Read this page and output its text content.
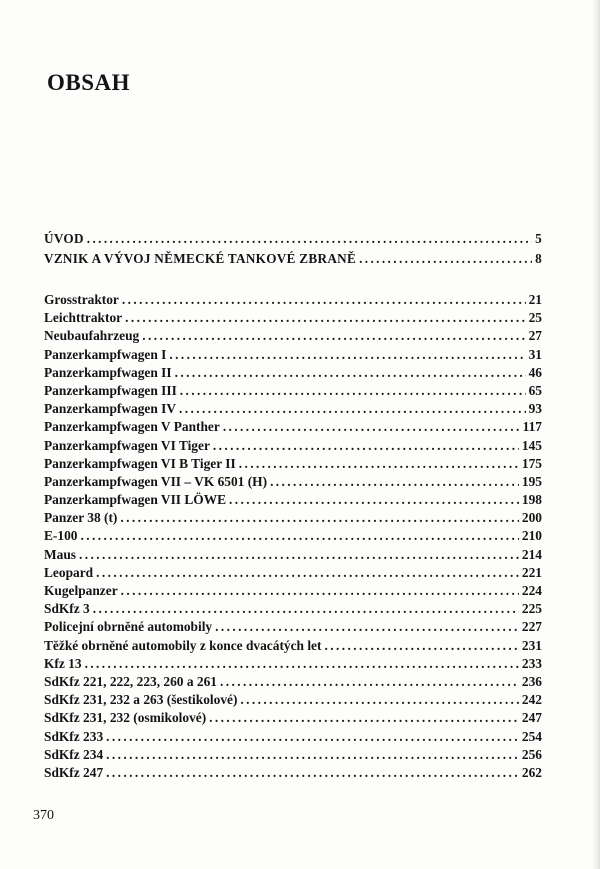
OBSAH
ÚVOD .....	5
VZNIK A VÝVOJ NĚMECKÉ TANKOVÉ ZBRANĚ .....	8
Grosstraktor .....	21
Leichttraktor .....	25
Neubaufahrzeug .....	27
Panzerkampfwagen I .....	31
Panzerkampfwagen II .....	46
Panzerkampfwagen III .....	65
Panzerkampfwagen IV .....	93
Panzerkampfwagen V Panther .....	117
Panzerkampfwagen VI Tiger .....	145
Panzerkampfwagen VI B Tiger II .....	175
Panzerkampfwagen VII – VK 6501 (H) .....	195
Panzerkampfwagen VII LÖWE .....	198
Panzer 38 (t) .....	200
E-100 .....	210
Maus .....	214
Leopard .....	221
Kugelpanzer .....	224
SdKfz 3 .....	225
Policejní obrněné automobily .....	227
Těžké obrněné automobily z konce dvacátých let .....	231
Kfz 13 .....	233
SdKfz 221, 222, 223, 260 a 261 .....	236
SdKfz 231, 232 a 263 (šestikolové) .....	242
SdKfz 231, 232 (osmikolové) .....	247
SdKfz 233 .....	254
SdKfz 234 .....	256
SdKfz 247 .....	262
370
